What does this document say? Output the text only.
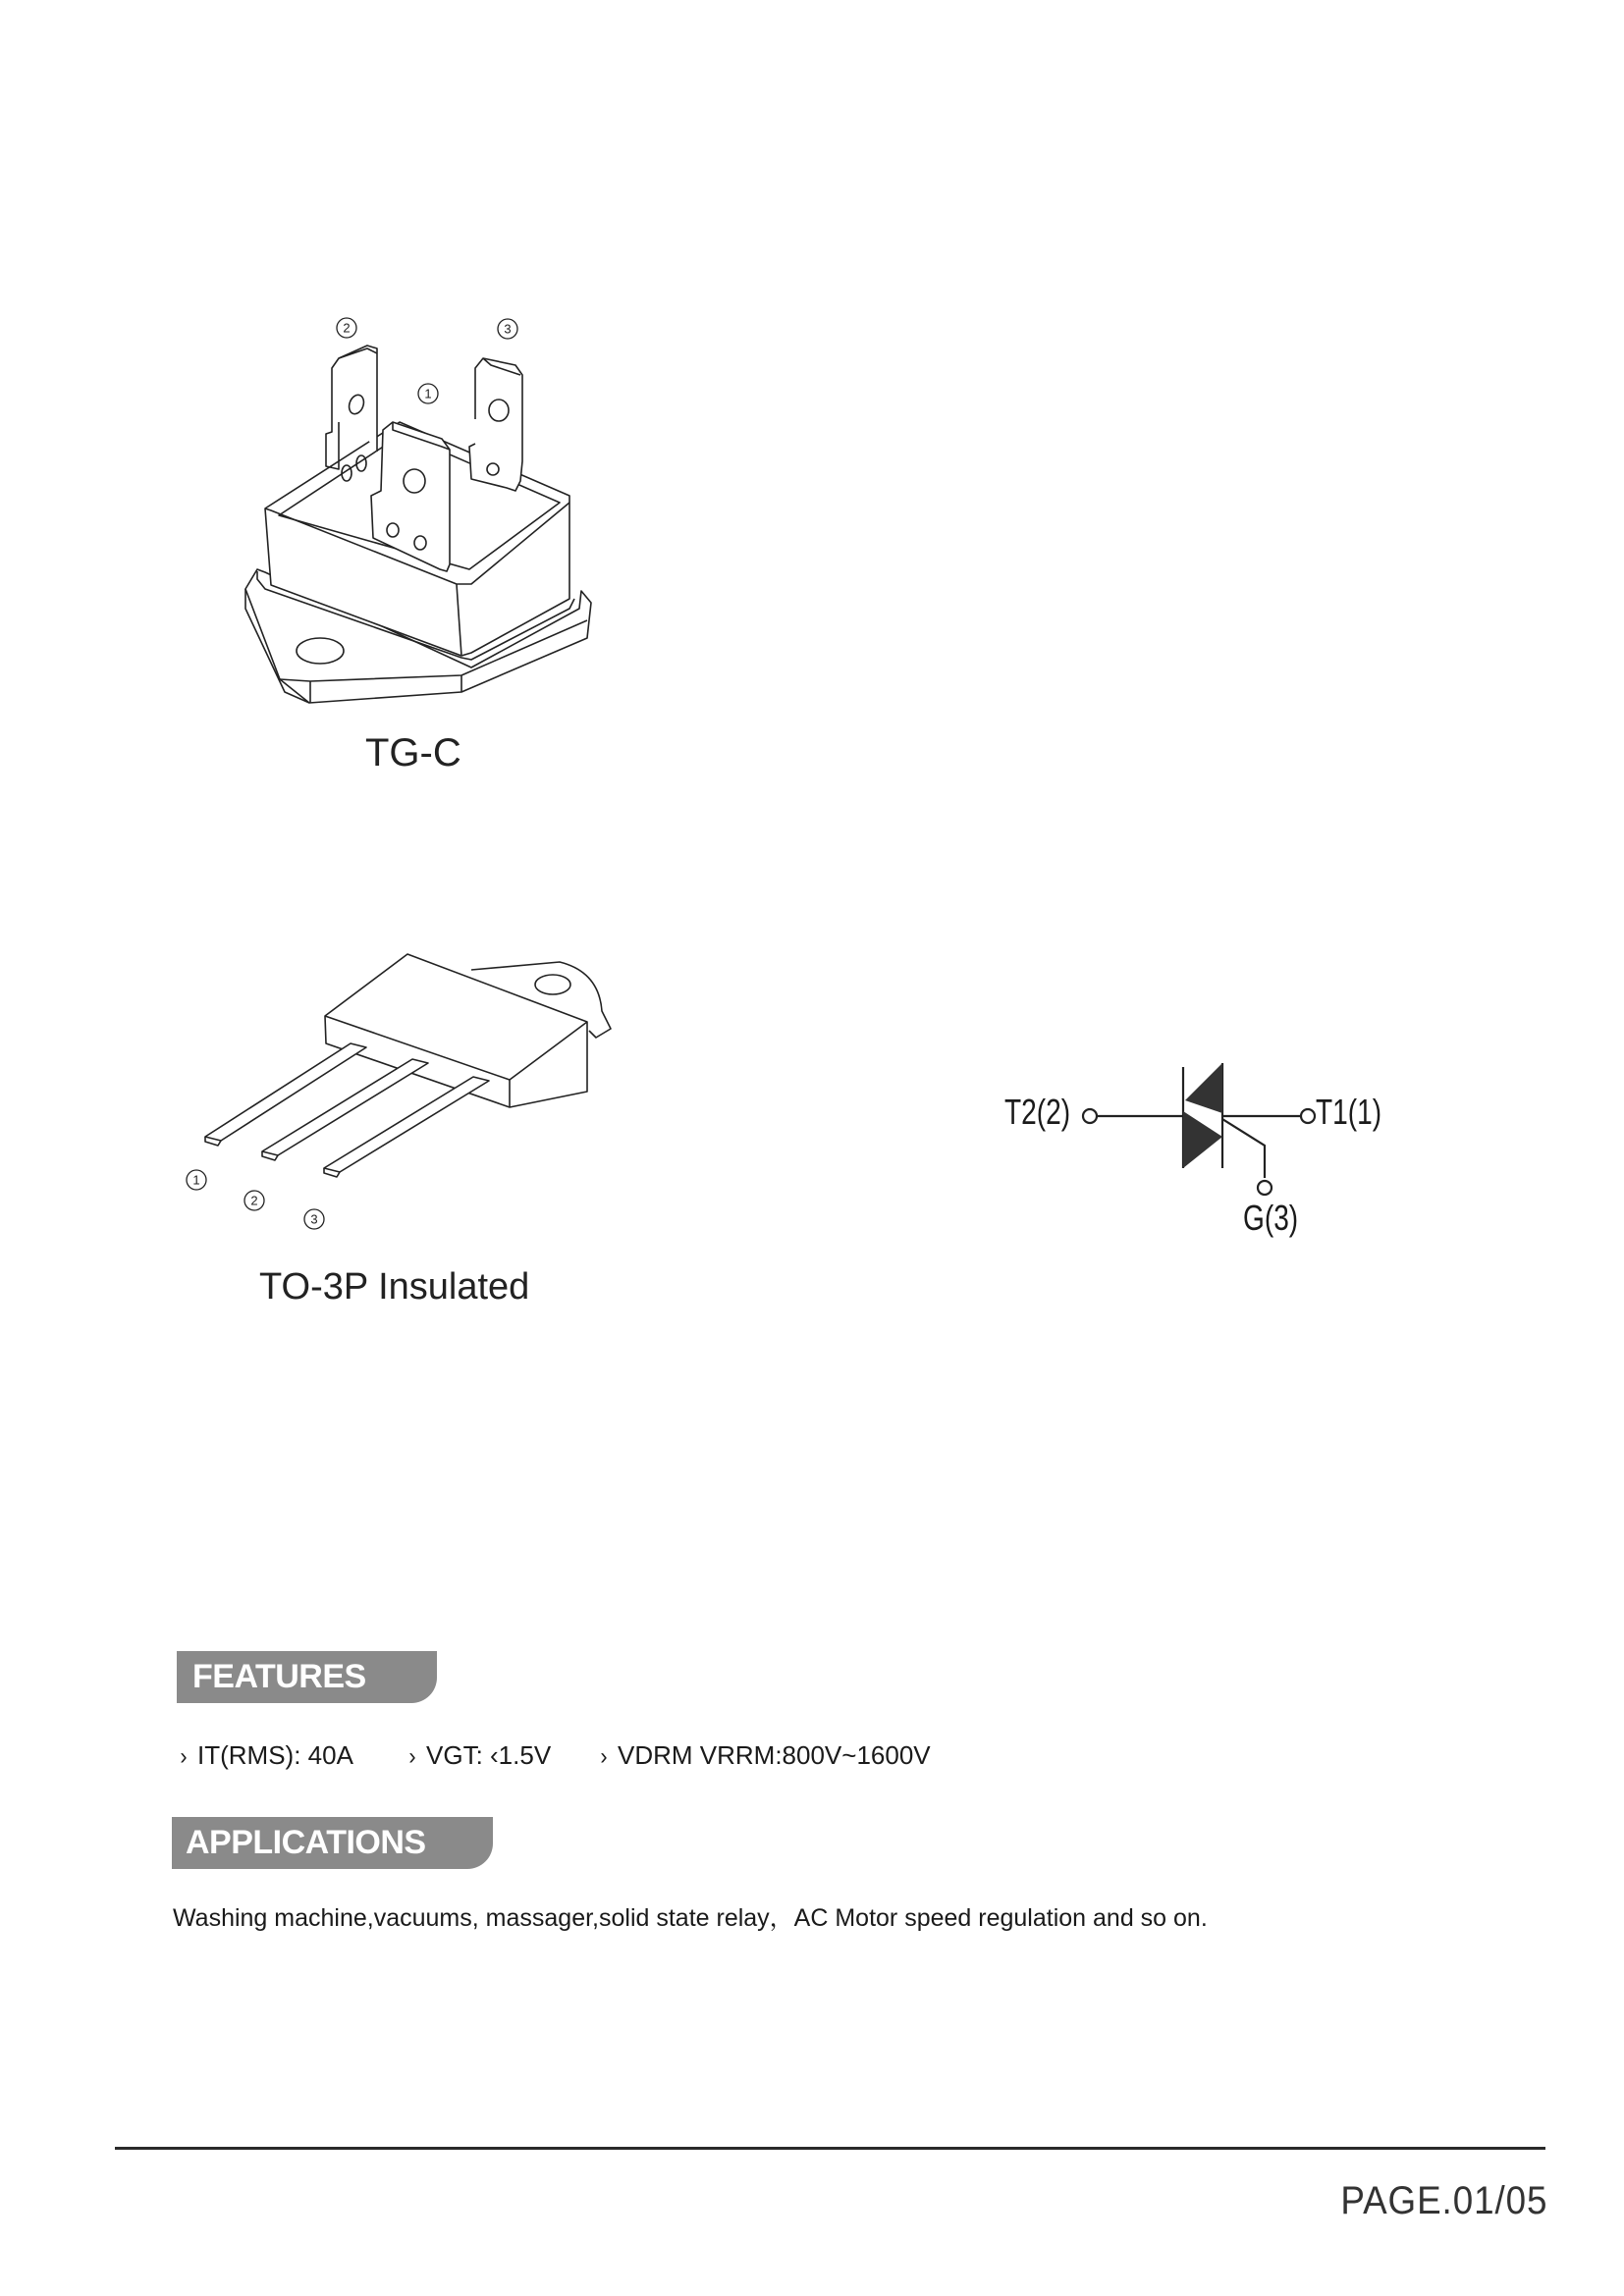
2	3
1
TG-C
1
2
3
TO-3P Insulated
T2(2)	T1(1)
G(3)
FEATURES
› IT(RMS): 40A › VGT: ‹1.5V › VDRM VRRM:800V~1600V
APPLICATIONS
Washing machine,vacuums, massager,solid state relay，AC Motor speed regulation and so on.
PAGE.01/05
